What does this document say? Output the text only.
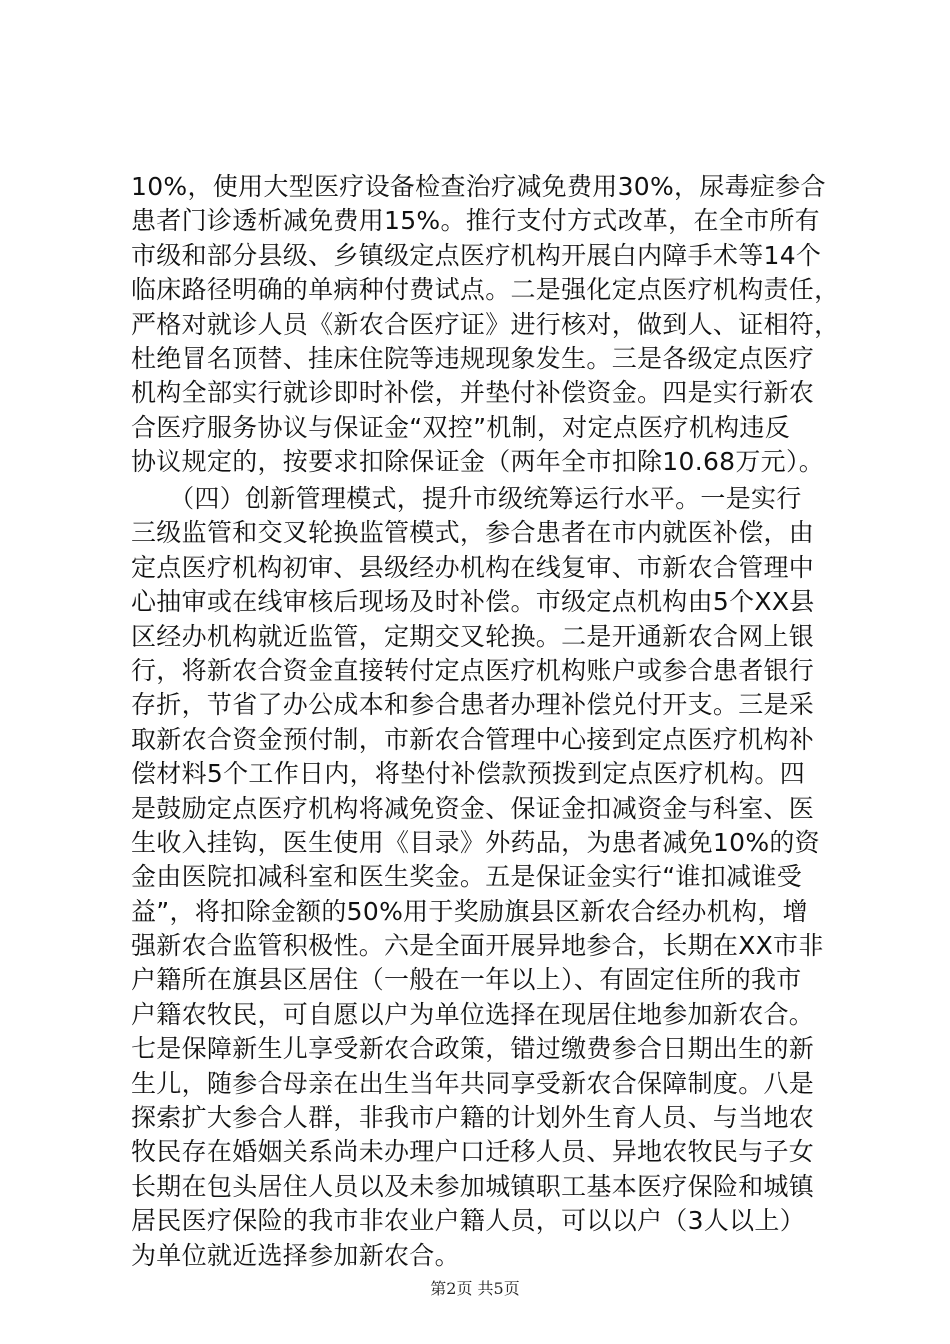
10%，使用大型医疗设备检查治疗减免费用30%，尿毒症参合
患者门诊透析减免费用15%。推行支付方式改革，在全市所有
市级和部分县级、乡镇级定点医疗机构开展白内障手术等14个
临床路径明确的单病种付费试点。二是强化定点医疗机构责任，
严格对就诊人员《新农合医疗证》进行核对，做到人、证相符，
杜绝冒名顶替、挂床住院等违规现象发生。三是各级定点医疗
机构全部实行就诊即时补偿，并垫付补偿资金。四是实行新农
合医疗服务协议与保证金“双控”机制，对定点医疗机构违反
协议规定的，按要求扣除保证金（两年全市扣除10.68万元）。
　　（四）创新管理模式，提升市级统筹运行水平。一是实行
三级监管和交叉轮换监管模式，参合患者在市内就医补偿，由
定点医疗机构初审、县级经办机构在线复审、市新农合管理中
心抽审或在线审核后现场及时补偿。市级定点机构由5个XX县
区经办机构就近监管，定期交叉轮换。二是开通新农合网上银
行，将新农合资金直接转付定点医疗机构账户或参合患者银行
存折，节省了办公成本和参合患者办理补偿兑付开支。三是采
取新农合资金预付制，市新农合管理中心接到定点医疗机构补
偿材料5个工作日内，将垫付补偿款预拨到定点医疗机构。四
是鼓励定点医疗机构将减免资金、保证金扣减资金与科室、医
生收入挂钩，医生使用《目录》外药品，为患者减免10%的资
金由医院扣减科室和医生奖金。五是保证金实行“谁扣减谁受
益”，将扣除金额的50%用于奖励旗县区新农合经办机构，增
强新农合监管积极性。六是全面开展异地参合，长期在XX市非
户籍所在旗县区居住（一般在一年以上）、有固定住所的我市
户籍农牧民，可自愿以户为单位选择在现居住地参加新农合。
七是保障新生儿享受新农合政策，错过缴费参合日期出生的新
生儿，随参合母亲在出生当年共同享受新农合保障制度。八是
探索扩大参合人群，非我市户籍的计划外生育人员、与当地农
牧民存在婚姻关系尚未办理户口迁移人员、异地农牧民与子女
长期在包头居住人员以及未参加城镇职工基本医疗保险和城镇
居民医疗保险的我市非农业户籍人员，可以以户（3人以上）
为单位就近选择参加新农合。
第2页 共5页
